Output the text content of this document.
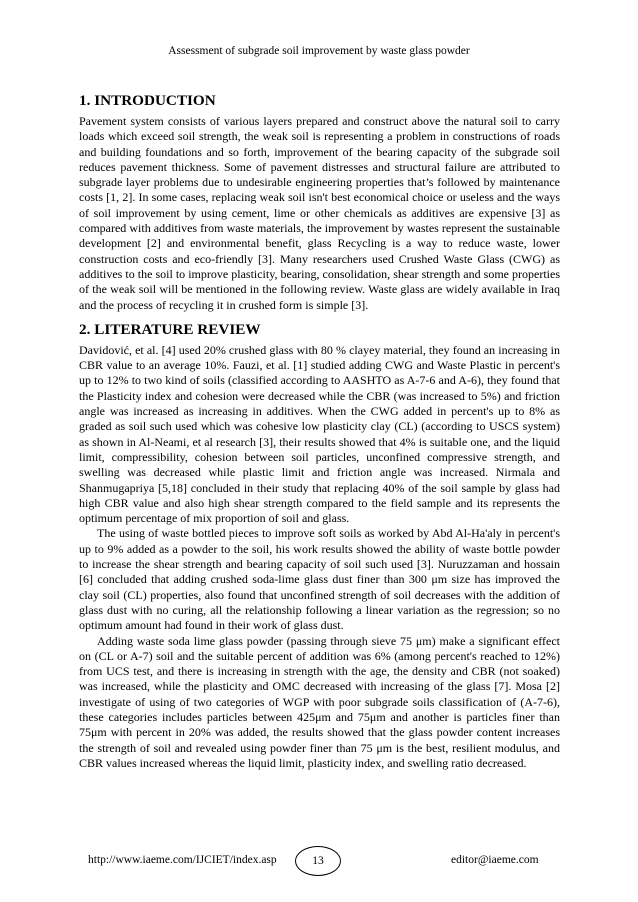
Assessment of subgrade soil improvement by waste glass powder
1. INTRODUCTION

Pavement system consists of various layers prepared and construct above the natural soil to carry loads which exceed soil strength, the weak soil is representing a problem in constructions of roads and building foundations and so forth, improvement of the bearing capacity of the subgrade soil reduces pavement thickness. Some of pavement distresses and structural failure are attributed to subgrade layer problems due to undesirable engineering properties that’s followed by maintenance costs [1, 2]. In some cases, replacing weak soil isn't best economical choice or useless and the ways of soil improvement by using cement, lime or other chemicals as additives are expensive [3] as compared with additives from waste materials, the improvement by wastes represent the sustainable development [2] and environmental benefit, glass Recycling is a way to reduce waste, lower construction costs and eco-friendly [3]. Many researchers used Crushed Waste Glass (CWG) as additives to the soil to improve plasticity, bearing, consolidation, shear strength and some properties of the weak soil will be mentioned in the following review. Waste glass are widely available in Iraq and the process of recycling it in crushed form is simple [3].

2. LITERATURE REVIEW

Davidović, et al. [4] used 20% crushed glass with 80 % clayey material, they found an increasing in CBR value to an average 10%. Fauzi, et al. [1] studied adding CWG and Waste Plastic in percent's up to 12% to two kind of soils (classified according to AASHTO as A-7-6 and A-6), they found that the Plasticity index and cohesion were decreased while the CBR (was increased to 5%) and friction angle was increased as increasing in additives. When the CWG added in percent's up to 8% as graded as soil such used which was cohesive low plasticity clay (CL) (according to USCS system) as shown in Al-Neami, et al research [3], their results showed that 4% is suitable one, and the liquid limit, compressibility, cohesion between soil particles, unconfined compressive strength, and swelling was decreased while plastic limit and friction angle was increased. Nirmala and Shanmugapriya [5,18] concluded in their study that replacing 40% of the soil sample by glass had high CBR value and also high shear strength compared to the field sample and its represents the optimum percentage of mix proportion of soil and glass.

The using of waste bottled pieces to improve soft soils as worked by Abd Al-Ha'aly in percent's up to 9% added as a powder to the soil, his work results showed the ability of waste bottle powder to increase the shear strength and bearing capacity of soil such used [3]. Nuruzzaman and hossain [6] concluded that adding crushed soda-lime glass dust finer than 300 μm size has improved the clay soil (CL) properties, also found that unconfined strength of soil decreases with the addition of glass dust with no curing, all the relationship following a linear variation as the regression; so no optimum amount had found in their work of glass dust.

Adding waste soda lime glass powder (passing through sieve 75 μm) make a significant effect on (CL or A-7) soil and the suitable percent of addition was 6% (among percent's reached to 12%) from UCS test, and there is increasing in strength with the age, the density and CBR (not soaked) was increased, while the plasticity and OMC decreased with increasing of the glass [7]. Mosa [2] investigate of using of two categories of WGP with poor subgrade soils classification of (A-7-6), these categories includes particles between 425μm and 75μm and another is particles finer than 75μm with percent in 20% was added, the results showed that the glass powder content increases the strength of soil and revealed using powder finer than 75 μm is the best, resilient modulus, and CBR values increased whereas the liquid limit, plasticity index, and swelling ratio decreased.

http://www.iaeme.com/IJCIET/index.asp	13	editor@iaeme.com
